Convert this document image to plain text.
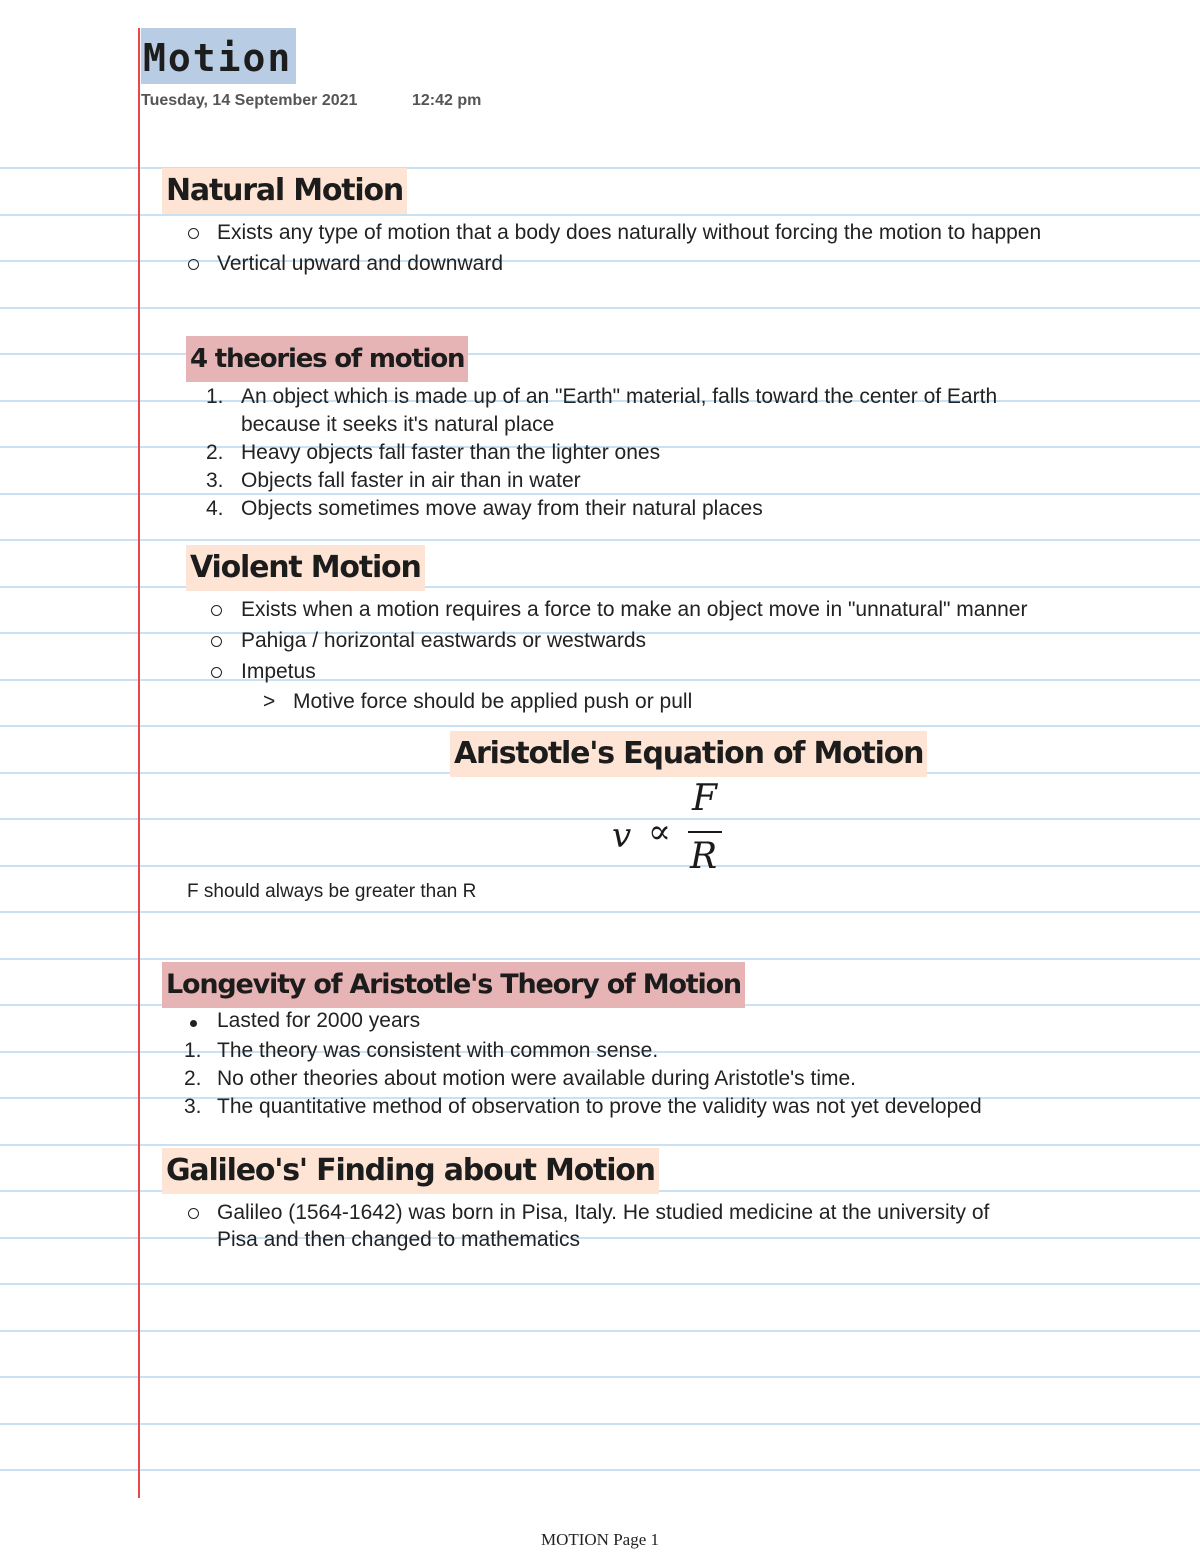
Motion
Tuesday, 14 September 2021	12:42 pm
Natural Motion
Exists any type of motion that a body does naturally without forcing the motion to happen
Vertical upward and downward
4 theories of motion
1. An object which is made up of an "Earth" material, falls toward the center of Earth
because it seeks it's natural place
2. Heavy objects fall faster than the lighter ones
3. Objects fall faster in air than in water
4. Objects sometimes move away from their natural places
Violent Motion
Exists when a motion requires a force to make an object move in "unnatural" manner
Pahiga / horizontal eastwards or westwards
Impetus
> Motive force should be applied push or pull
Aristotle's Equation of Motion
v ∝
F
R
F should always be greater than R
Longevity of Aristotle's Theory of Motion
Lasted for 2000 years
1. The theory was consistent with common sense.
2. No other theories about motion were available during Aristotle's time.
3. The quantitative method of observation to prove the validity was not yet developed
Galileo's' Finding about Motion
Galileo (1564-1642) was born in Pisa, Italy. He studied medicine at the university of
Pisa and then changed to mathematics
MOTION Page 1
